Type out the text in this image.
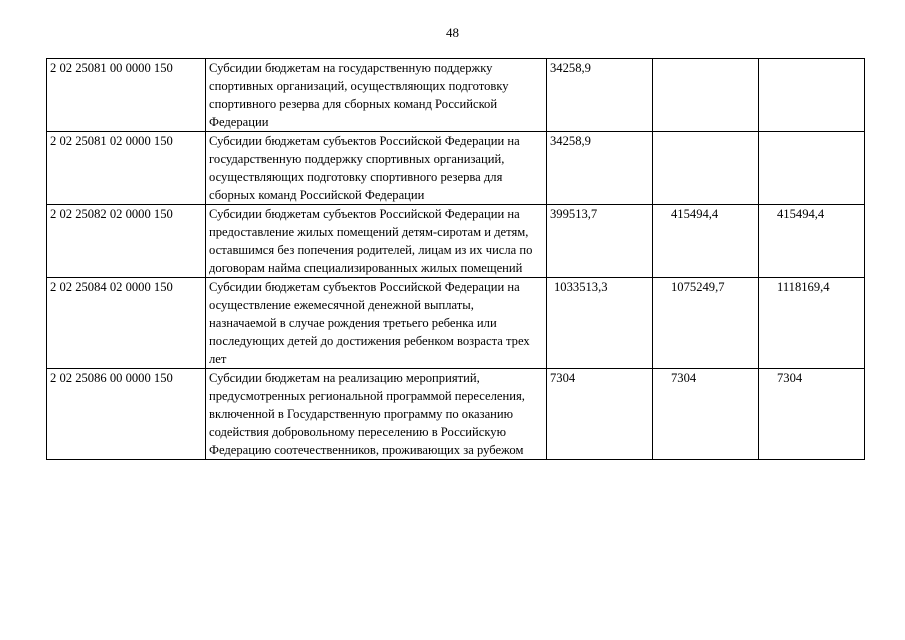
48
2 02 25081 00 0000 150	Субсидии бюджетам на государственную поддержку спортивных организаций, осуществляющих подготовку спортивного резерва для сборных команд Российской Федерации	34258,9		
2 02 25081 02 0000 150	Субсидии бюджетам субъектов Российской Федерации на государственную поддержку спортивных организаций, осуществляющих подготовку спортивного резерва для сборных команд Российской Федерации	34258,9		
2 02 25082 02 0000 150	Субсидии бюджетам субъектов Российской Федерации на предоставление жилых помещений детям-сиротам и детям, оставшимся без попечения родителей, лицам из их числа по договорам найма специализированных жилых помещений	399513,7	415494,4	415494,4
2 02 25084 02 0000 150	Субсидии бюджетам субъектов Российской Федерации на осуществление ежемесячной денежной выплаты, назначаемой в случае рождения третьего ребенка или последующих детей до достижения ребенком возраста трех лет	1033513,3	1075249,7	1118169,4
2 02 25086 00 0000 150	Субсидии бюджетам на реализацию мероприятий, предусмотренных региональной программой переселения, включенной в Государственную программу по оказанию содействия добровольному переселению в Российскую Федерацию соотечественников, проживающих за рубежом	7304	7304	7304
